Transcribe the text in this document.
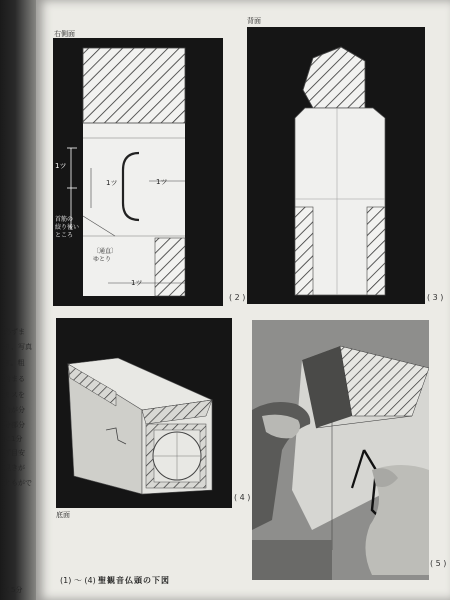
必ずま
り、写真
す。粗
含まる
ミスを
台が分
分部分
に1分
ず目安
見きが
ともがで
く5分
右側面
背面
1ツ
1ツ	1ツ
首筋の
絞り後い
ところ
〔通直〕
ゆとり
1ツ
( 2 )	( 3 )
底面
( 4 )
( 5 )
(1) 〜 (4) 聖観音仏頭の下図
